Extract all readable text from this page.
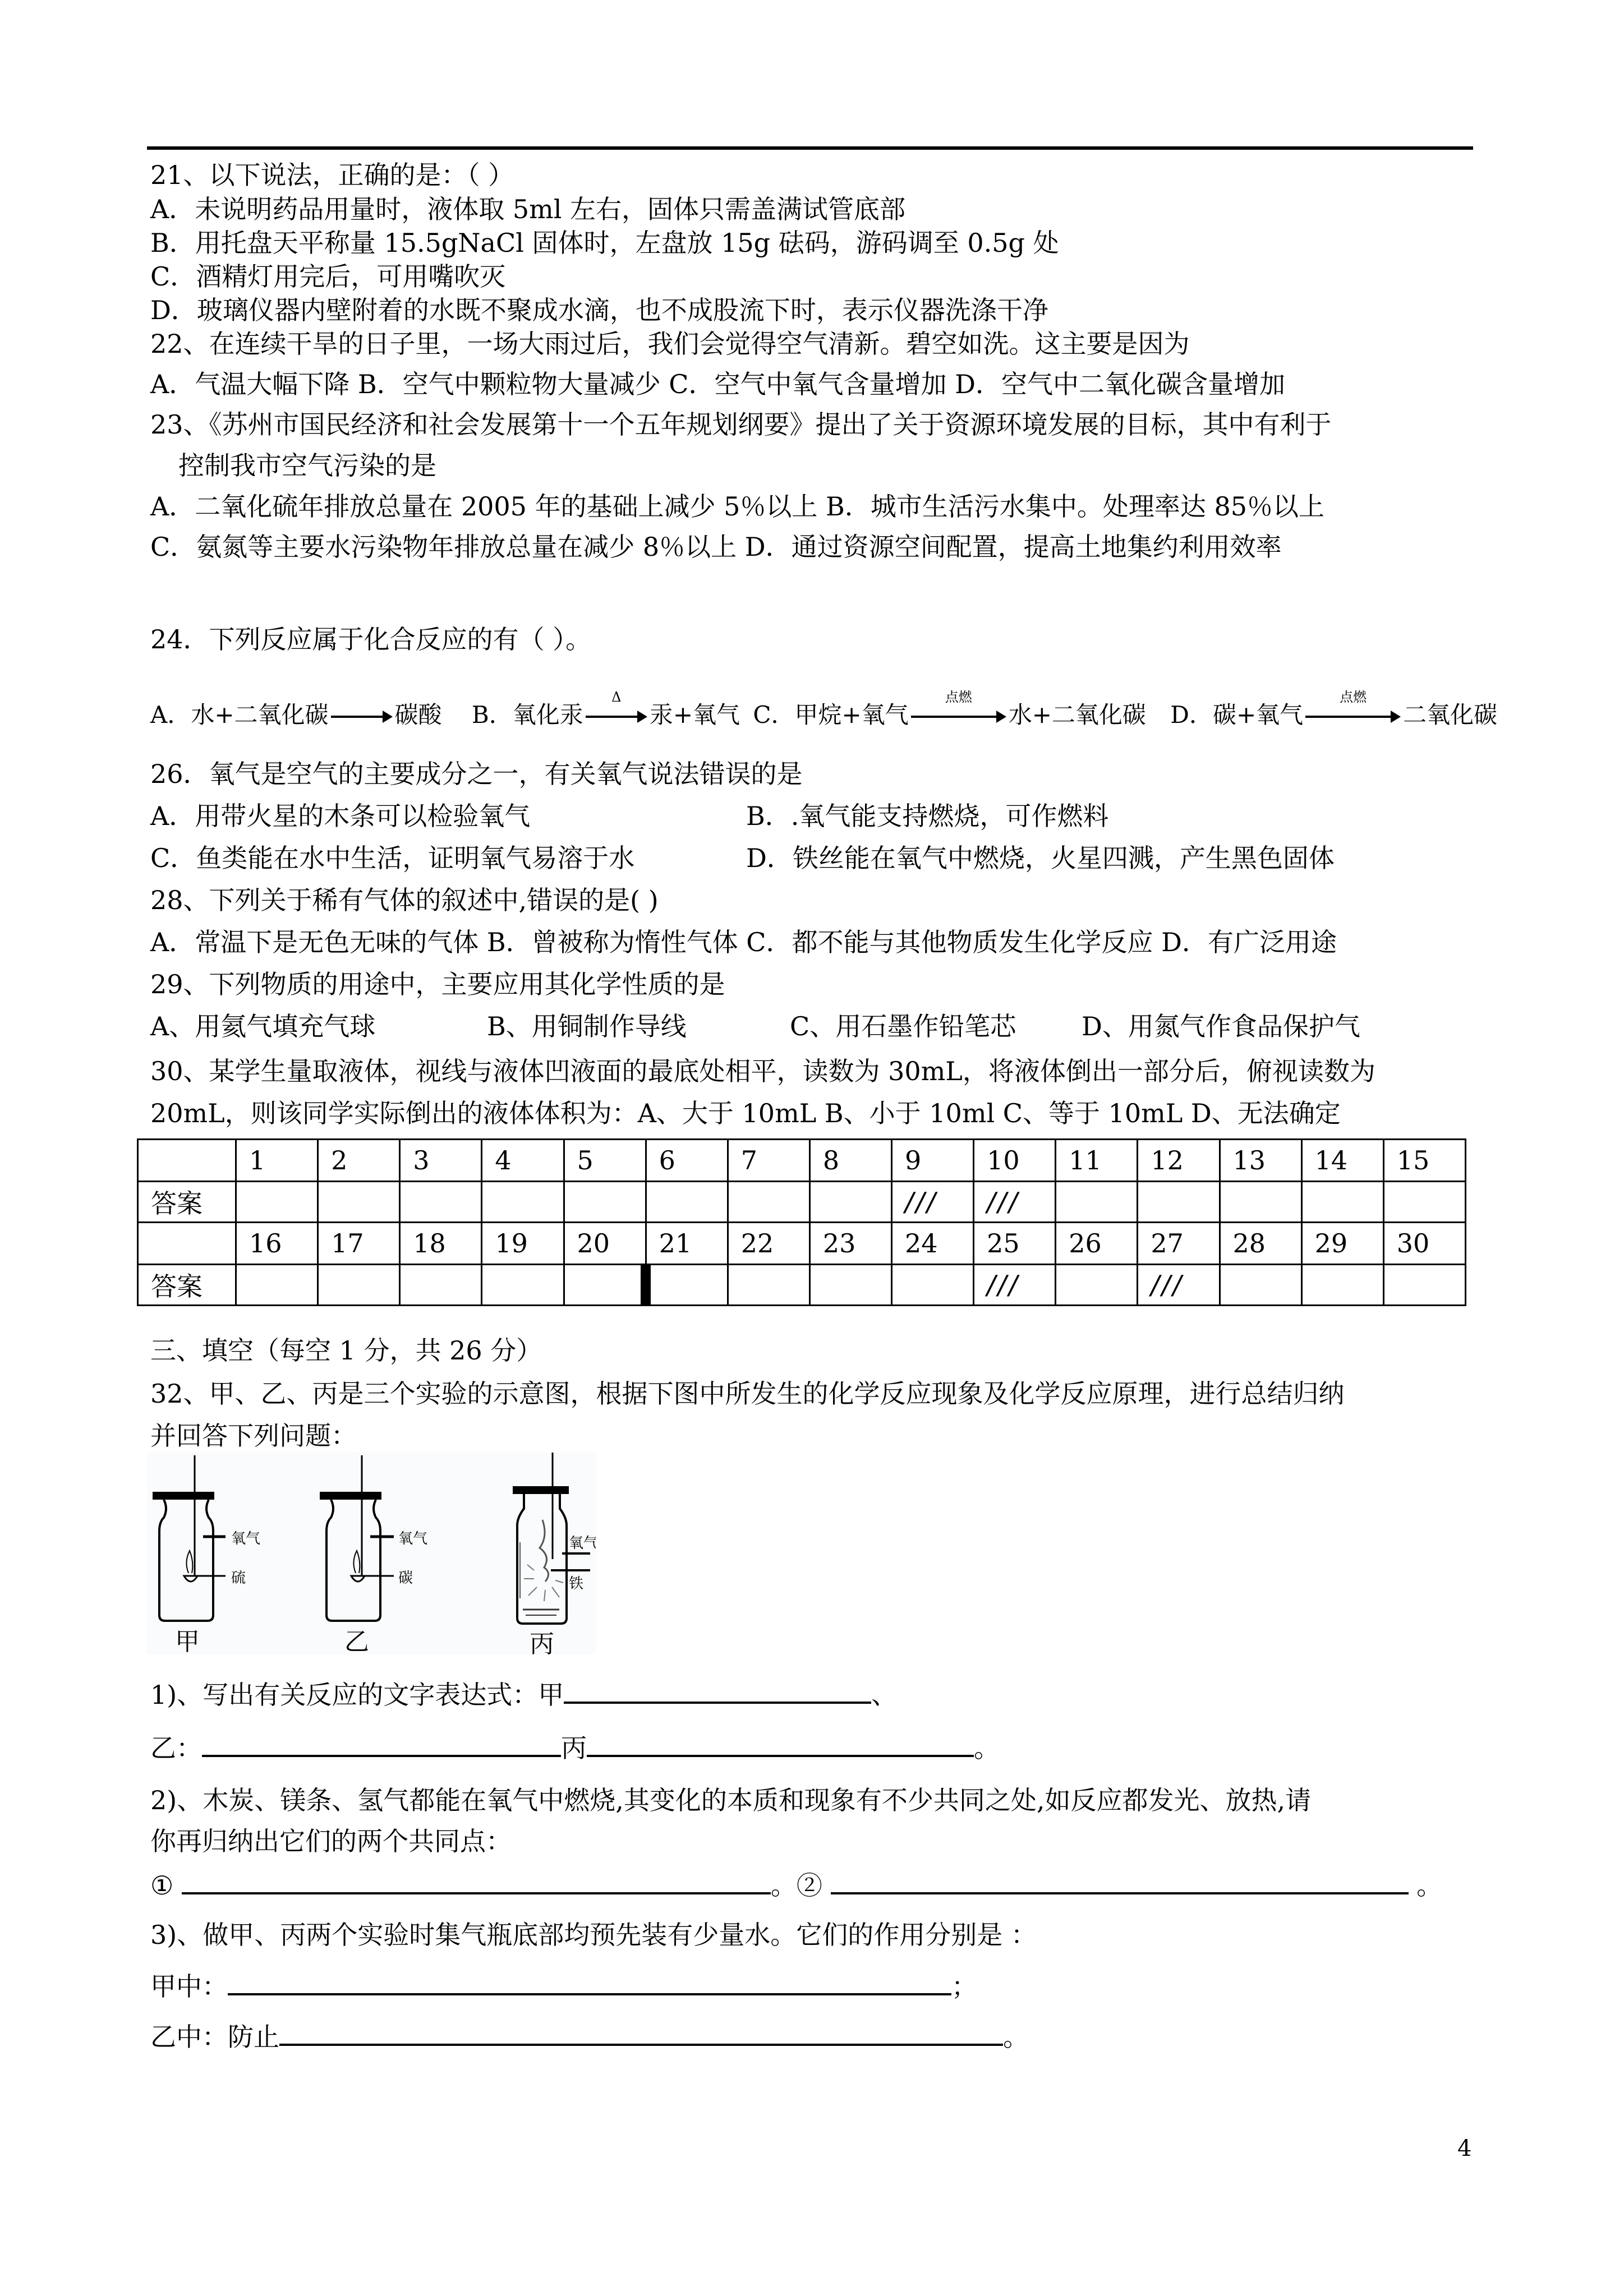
21、以下说法，正确的是：（ ）
A．未说明药品用量时，液体取 5ml 左右，固体只需盖满试管底部
B．用托盘天平称量 15.5gNaCl 固体时，左盘放 15g 砝码，游码调至 0.5g 处
C．酒精灯用完后，可用嘴吹灭
D．玻璃仪器内壁附着的水既不聚成水滴，也不成股流下时，表示仪器洗涤干净
22、在连续干旱的日子里，一场大雨过后，我们会觉得空气清新。碧空如洗。这主要是因为
A．气温大幅下降 B．空气中颗粒物大量减少 C．空气中氧气含量增加 D．空气中二氧化碳含量增加
23、《苏州市国民经济和社会发展第十一个五年规划纲要》提出了关于资源环境发展的目标，其中有利于
控制我市空气污染的是
A．二氧化硫年排放总量在 2005 年的基础上减少 5％以上 B．城市生活污水集中。处理率达 85％以上
C．氨氮等主要水污染物年排放总量在减少 8％以上 D．通过资源空间配置，提高土地集约利用效率
24．下列反应属于化合反应的有（ ）。
A．水+二氧化碳	碳酸 B．氧化汞
Δ
汞+氧气 C．甲烷+氧气
点燃
水+二氧化碳 D．碳+氧气
点燃
二氧化碳
26．氧气是空气的主要成分之一，有关氧气说法错误的是
A．用带火星的木条可以检验氧气	B．.氧气能支持燃烧，可作燃料
C．鱼类能在水中生活，证明氧气易溶于水	D．铁丝能在氧气中燃烧，火星四溅，产生黑色固体
28、下列关于稀有气体的叙述中,错误的是( )
A．常温下是无色无味的气体 B．曾被称为惰性气体 C．都不能与其他物质发生化学反应 D．有广泛用途
29、下列物质的用途中，主要应用其化学性质的是
A、用氦气填充气球	B、用铜制作导线	C、用石墨作铅笔芯	D、用氮气作食品保护气
30、某学生量取液体，视线与液体凹液面的最底处相平，读数为 30mL，将液体倒出一部分后，俯视读数为
20mL，则该同学实际倒出的液体体积为：A、大于 10mL B、小于 10ml C、等于 10mL D、无法确定
	1	2	3	4	5	6	7	8	9	10	11	12	13	14	15
答案									///	///					
	16	17	18	19	20	21	22	23	24	25	26	27	28	29	30
答案										///		///			
三、填空（每空 1 分，共 26 分）
32、甲、乙、丙是三个实验的示意图，根据下图中所发生的化学反应现象及化学反应原理，进行总结归纳
并回答下列问题：
氧气
硫
甲
氧气
碳
乙
氧气
铁
丙
1)、写出有关反应的文字表达式：甲	、
乙：	丙	。
2)、木炭、镁条、氢气都能在氧气中燃烧,其变化的本质和现象有不少共同之处,如反应都发光、放热,请
你再归纳出它们的两个共同点：
①	。②	。
3)、做甲、丙两个实验时集气瓶底部均预先装有少量水。它们的作用分别是 ：
甲中：	；
乙中：防止	。
4
